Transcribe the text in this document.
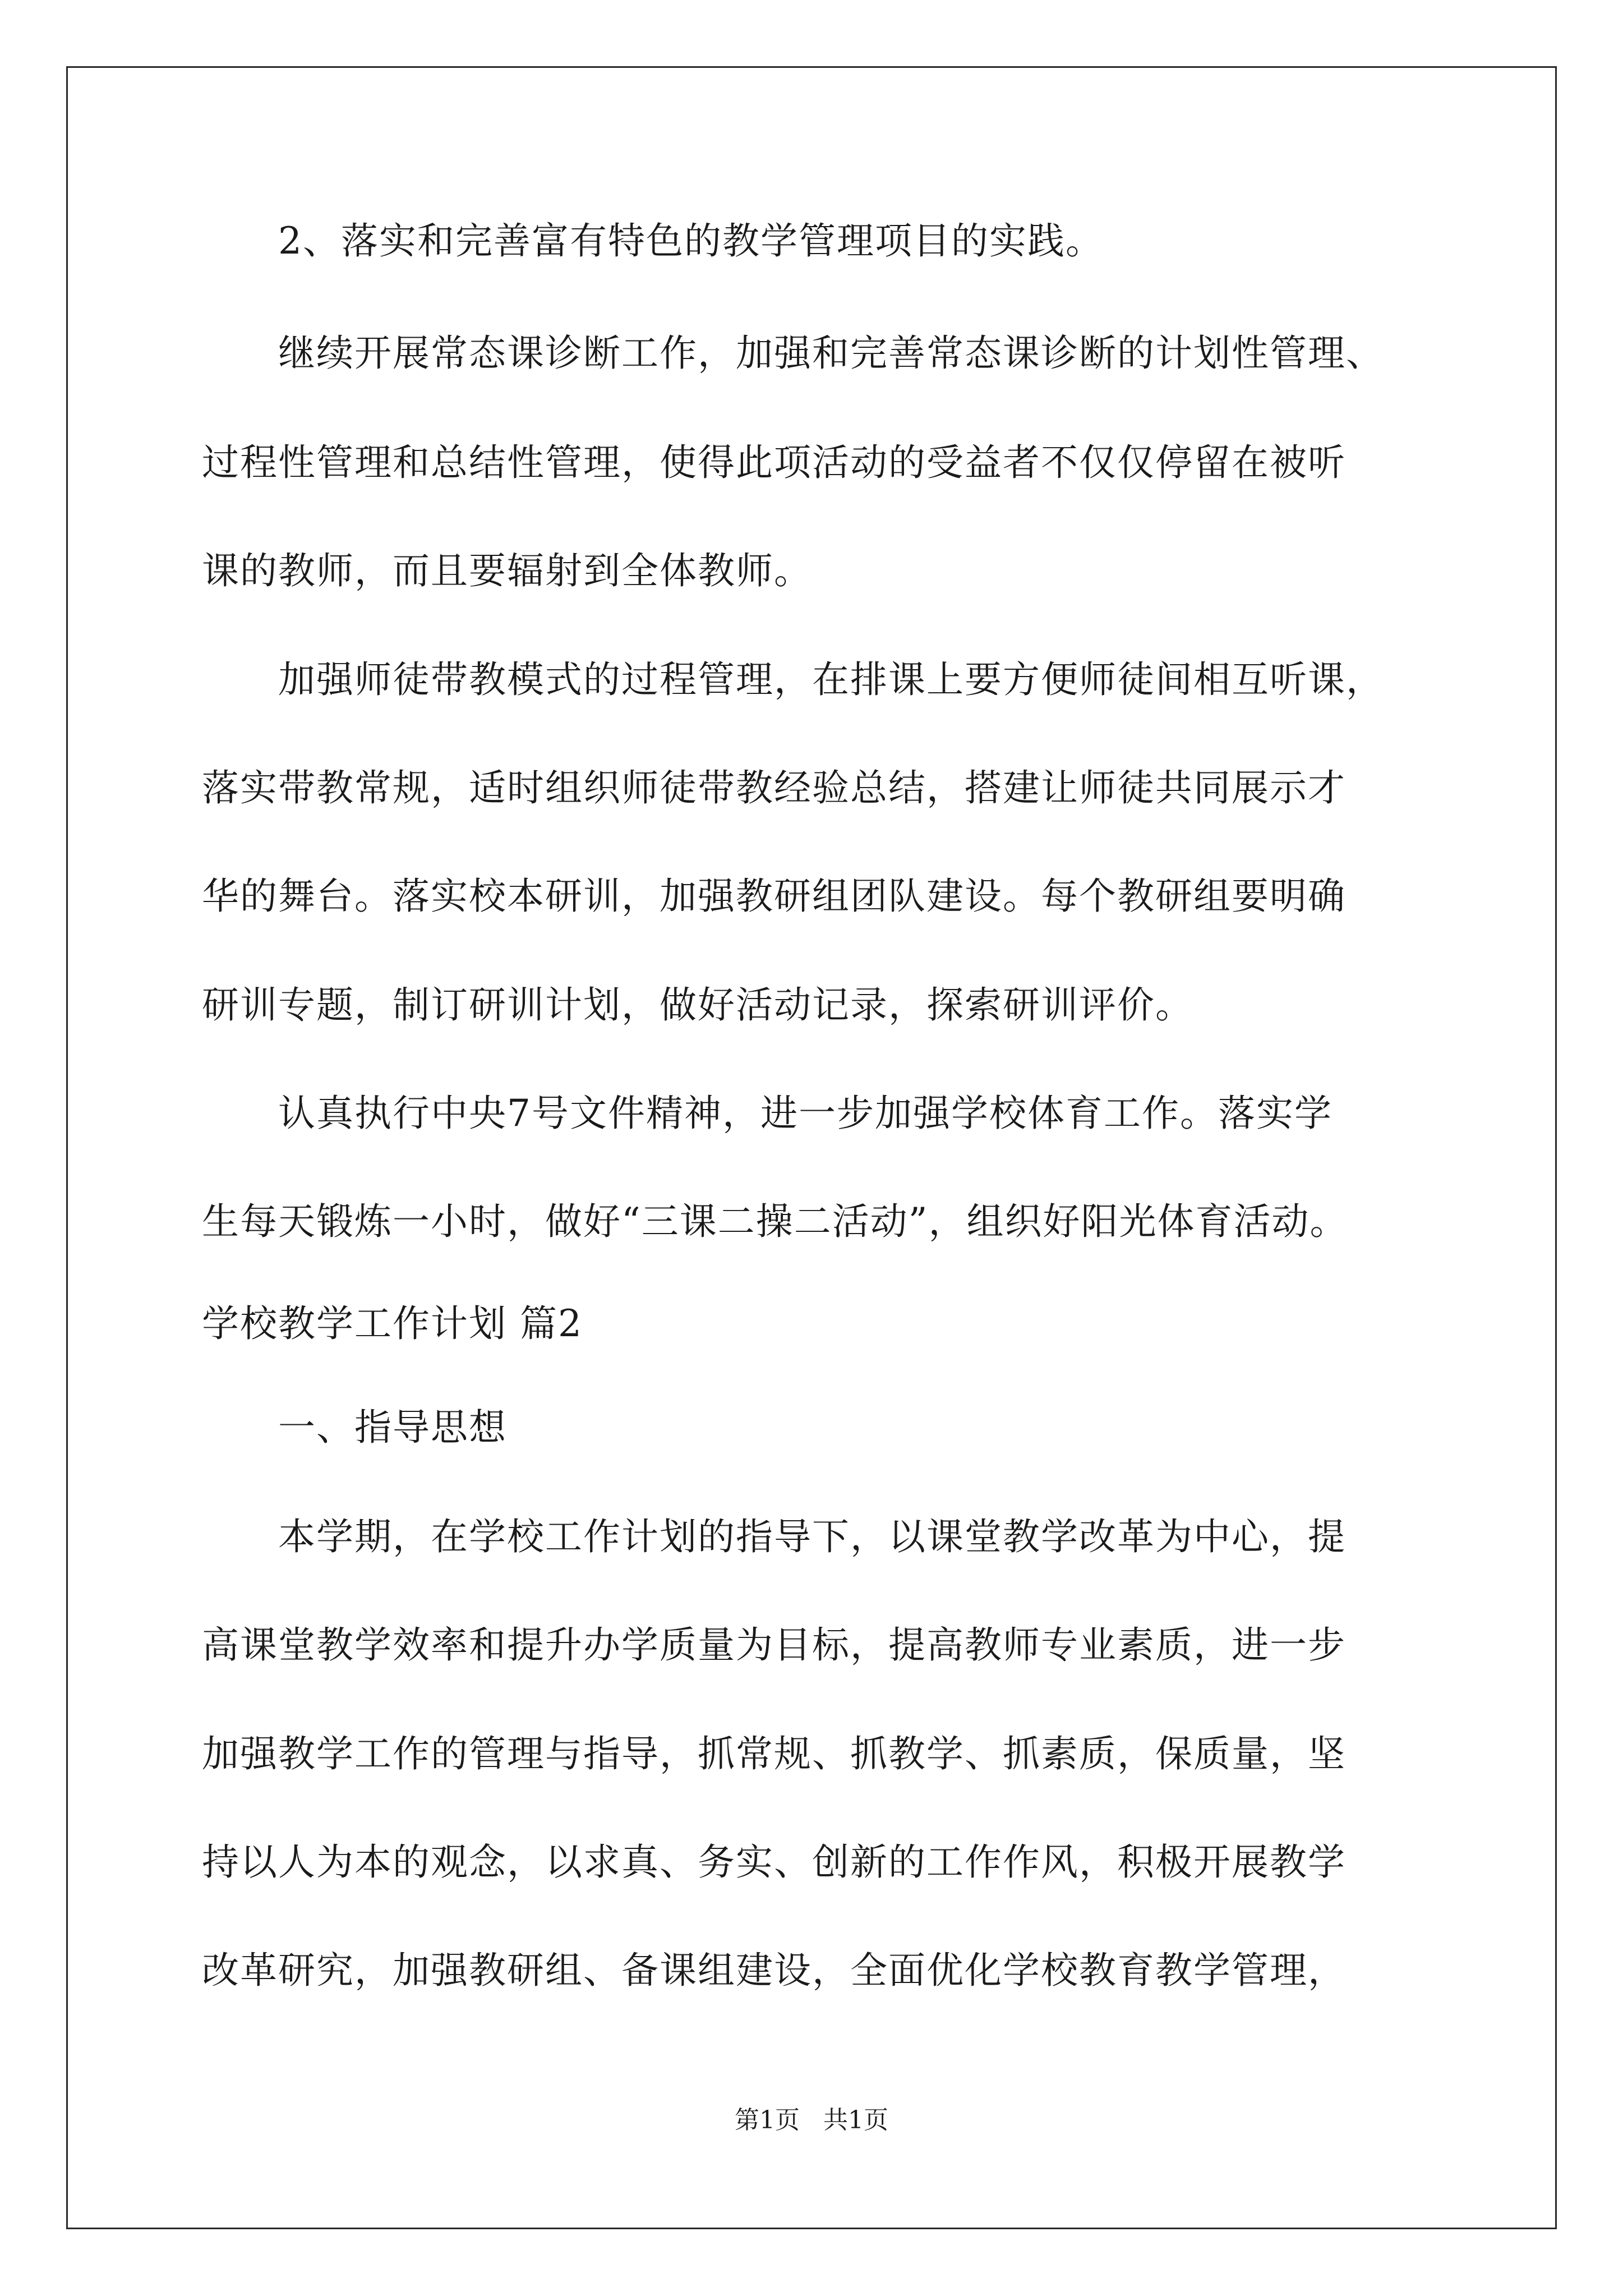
2、落实和完善富有特色的教学管理项目的实践。
继续开展常态课诊断工作，加强和完善常态课诊断的计划性管理、
过程性管理和总结性管理，使得此项活动的受益者不仅仅停留在被听
课的教师，而且要辐射到全体教师。
加强师徒带教模式的过程管理，在排课上要方便师徒间相互听课，
落实带教常规，适时组织师徒带教经验总结，搭建让师徒共同展示才
华的舞台。落实校本研训，加强教研组团队建设。每个教研组要明确
研训专题，制订研训计划，做好活动记录，探索研训评价。
认真执行中央7号文件精神，进一步加强学校体育工作。落实学
生每天锻炼一小时，做好“三课二操二活动”，组织好阳光体育活动。
学校教学工作计划 篇2
一、指导思想
本学期，在学校工作计划的指导下，以课堂教学改革为中心，提
高课堂教学效率和提升办学质量为目标，提高教师专业素质，进一步
加强教学工作的管理与指导，抓常规、抓教学、抓素质，保质量，坚
持以人为本的观念，以求真、务实、创新的工作作风，积极开展教学
改革研究，加强教研组、备课组建设，全面优化学校教育教学管理，
第1页   共1页
